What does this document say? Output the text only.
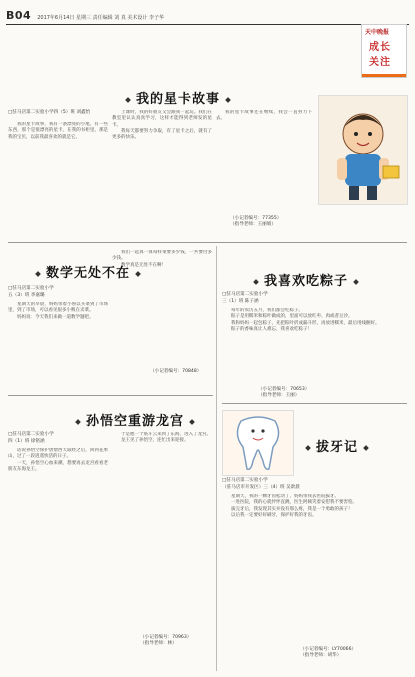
B04 2017年6月14日 星期三 责任编辑 刘 真 美术设计 李子华
天中晚报
成长
关注
我的星卡故事
□驻马店第二实验小学四（5）班 刘鑫怡

我的星卡故事，我有一条漂亮的小尾，有一些东西，那个是很漂亮的星卡，在我的书柜里。那是我的宝贝，以前我最喜欢的就是它。

上课时，我的好朋友又会跟我一起玩。我们在教室里认认真真学习，这样才能得到老师发的星卡。

我每天都要努力争取，有了星卡之后，就有了更多的快乐。

我的星卡故事还在继续，我会一直努力下去。

（小记者编号：77355）
（指导老师：王丽娟）
数学无处不在
□驻马店第二实验小学
五（3）班 李嘉璐

星期天的早晨，妈妈带着小鲁以买菜到了市场里，到了市场，可以看见很多小贩在卖菜。

妈妈说：今天我们来做一道数学题吧。

我们一起算一算每样菜要多少钱，一共要付多少钱。

数学真是无处不在啊！

（小记者编号：70848）
我喜欢吃粽子
□驻马店第二实验小学
三（1）班 陈子涵

每年的农历五月，我们都会吃粽子。

粽子是用糯米和粽叶做成的，里面可以放红枣、肉或者豆沙。

我和妈妈一起包粽子，先把粽叶折成漏斗形，再放进糯米，最后用线捆好。

粽子的香味真让人难忘，我喜欢吃粽子！

（小记者编号：70653）
（指导老师：王丽）
孙悟空重游龙宫
□驻马店第二实验小学
四（1）班 徐铭涵

话说孙悟空保护唐僧西天取经之后，回到花果山，过了一段逍遥快活的日子。

一天，孙悟空心血来潮，想要再去龙宫看看老朋友东海龙王。

于是他一个筋斗云来到了东海，进入了龙宫。

龙王见了孙悟空，连忙出来迎接。

（小记者编号：70963）
（指导老师：林）
拔牙记
□驻马店第二实验小学
（驻马店市开发区）三（4）班 吴歆晨

星期天，我的一颗牙齿松动了，妈妈带我去医院拔牙。

一进医院，我的心就怦怦直跳，医生阿姨笑着安慰我不要害怕。

拔完牙后，我发现其实并没有那么疼，我是一个勇敢的孩子！

以后我一定要好好刷牙，保护好我的牙齿。

（小记者编号：LY70066）
（指导老师：胡华）
